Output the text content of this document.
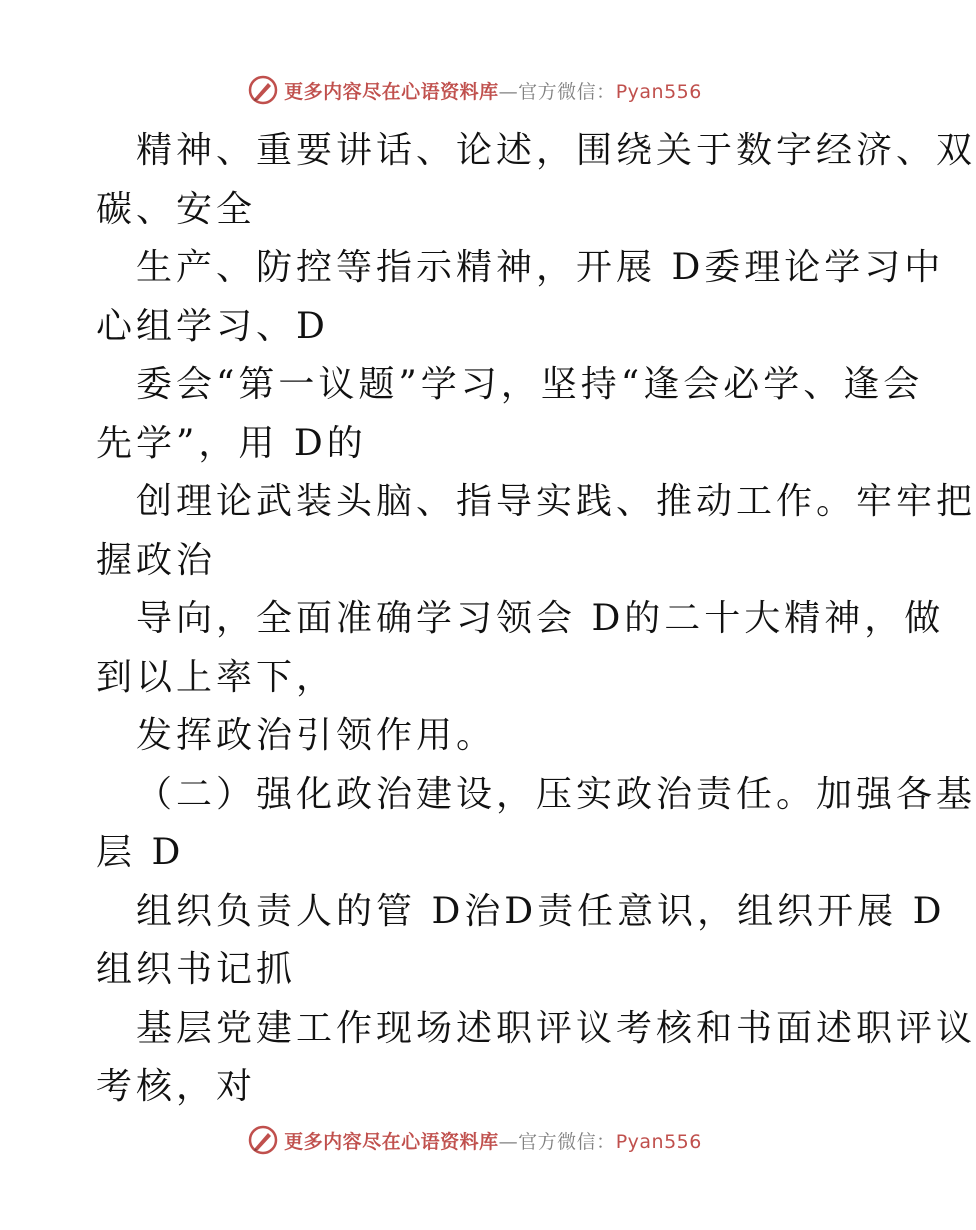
更多内容尽在心语资料库—官方微信：Pyan556
精神、重要讲话、论述，围绕关于数字经济、双
碳、安全
生产、防控等指示精神，开展 D委理论学习中
心组学习、D
委会“第一议题”学习，坚持“逢会必学、逢会
先学”，用 D的
创理论武装头脑、指导实践、推动工作。牢牢把
握政治
导向，全面准确学习领会 D的二十大精神，做
到以上率下，
发挥政治引领作用。
（二）强化政治建设，压实政治责任。加强各基
层 D
组织负责人的管 D治D责任意识，组织开展 D
组织书记抓
基层党建工作现场述职评议考核和书面述职评议
考核，对
更多内容尽在心语资料库—官方微信：Pyan556
